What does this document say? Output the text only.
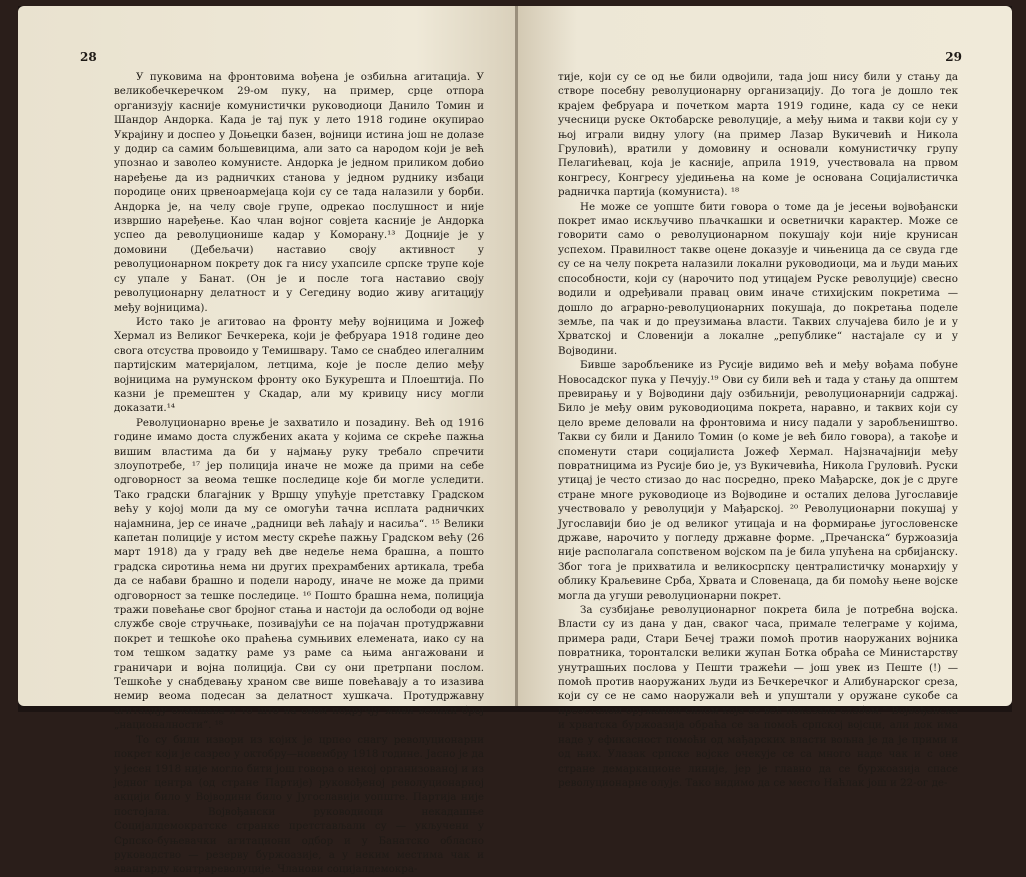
28

У пуковима на фронтовима вођена је озбиљна агитација. У великобечкеречком 29-ом пуку, на пример, срце отпора организују касније комунистички руководиоци Данило Томин и Шандор Андорка. Када је тај пук у лето 1918 године окупирао Украјину и доспео у Доњецки базен, војници истина још не долазе у додир са самим бољшевицима, али зато са народом који је већ упознао и заволео комунисте. Андорка је једном приликом добио наређење да из радничких станова у једном руднику избаци породице оних црвеноармејаца који су се тада налазили у борби. Андорка је, на челу своје групе, одрекао послушност и није извршио наређење. Као члан војног совјета касније је Андорка успео да револуционише кадар у Коморану.¹³ Доцније је у домовини (Дебељачи) наставио своју активност у револуционарном покрету док га нису ухапсиле српске трупе које су упале у Банат. (Он је и после тога наставио своју револуционарну делатност и у Сегедину водио живу агитацију међу војницима).

Исто тако је агитовао на фронту међу војницима и Јожеф Хермал из Великог Бечкерека, који је фебруара 1918 године део свога отсуства провоидо у Темишвару. Тамо се снабдео илегалним партијским материјалом, летцима, које је после делио међу војницима на румунском фронту око Букурешта и Плоештија. По казни је премештен у Скадар, али му кривицу нису могли доказати.¹⁴

Револуционарно врење је захватило и позадину. Већ од 1916 године имамо доста службених аката у којима се скреће пажња вишим властима да би у најмању руку требало спречити злоупотребе, ¹⁷ јер полиција иначе не може да прими на себе одговорност за веома тешке последице које би могле уследити. Тако градски благајник у Вршцу упућује претставку Градском већу у којој моли да му се омогући тачна исплата радничких најамнина, јер се иначе „радници већ лаћају и насиља“. ¹⁵ Велики капетан полиције у истом месту скреће пажњу Градском већу (26 март 1918) да у граду већ две недеље нема брашна, а пошто градска сиротиња нема ни других прехрамбених артикала, треба да се набави брашно и подели народу, иначе не може да прими одговорност за тешке последице. ¹⁶ Пошто брашна нема, полиција тражи повећање свог бројног стања и настоји да ослободи од војне службе своје стручњаке, позивајући се на појачан протудржавни покрет и тешкоће око праћења сумњивих елемената, иако су на том тешком задатку раме уз раме са њима ангажовани и граничари и војна полиција. Сви су они претрпани послом. Тешкоће у снабдевању храном све више повећавају а то изазива немир веома подесан за делатност хушкача. Протудржавну агитацију олакшава и то што на овом подручју живи велики број „националности“. ¹⁸

То су били извори из којих је црпео снагу револуционарни покрет који је сазрео у октобру—новембру 1918 године. Јасно је да у јесен 1918 није могло бити још говора о некој организованој и из једног центра (од стране Партије) руковођеној револуционарној акцији било у Војводини било у Југославији уопште. Партија није постојала. Војвођански руководиоци некадашње Социјалдемократске странке претстављали су — укључени у Српско-буњевачки агитациони одбор и у Банатско обласно руководство — резерву буржоазије, а у неким местима чак и авангарду контрареволуције. Чланови социјалдемокра-

29

тије, који су се од ње били одвојили, тада још нису били у стању да створе посебну револуционарну организацију. До тога је дошло тек крајем фебруара и почетком марта 1919 године, када су се неки учесници руске Октобарске револуције, а међу њима и такви који су у њој играли видну улогу (на пример Лазар Вукичевић и Никола Груловић), вратили у домовину и основали комунистичку групу Пелагићевац, која је касније, априла 1919, учествовала на првом конгресу, Конгресу уједињења на коме је основана Социјалистичка радничка партија (комуниста). ¹⁸

Не може се уопште бити говора о томе да је јесењи војвођански покрет имао искључиво пљачкашки и осветнички карактер. Може се говорити само о револуционарном покушају који није крунисан успехом. Правилност такве оцене доказује и чињеница да се свуда где су се на челу покрета налазили локални руководиоци, ма и људи мањих способности, који су (нарочито под утицајем Руске револуције) свесно водили и одређивали правац овим иначе стихијским покретима — дошло до аграрно-револуционарних покушаја, до покретања поделе земље, па чак и до преузимања власти. Таквих случајева било је и у Хрватској и Словенији а локалне „републике“ настајале су и у Војводини.

Бивше заробљенике из Русије видимо већ и међу вођама побуне Новосадског пука у Печују.¹⁹ Ови су били већ и тада у стању да општем превирању и у Војводини дају озбиљнији, револуционарнији садржај. Било је међу овим руководиоцима покрета, наравно, и таквих који су цело време деловали на фронтовима и нису падали у заробљеништво. Такви су били и Данило Томин (о коме је већ било говора), а такође и споменути стари социјалиста Јожеф Хермал. Најзначајнији међу повратницима из Русије био је, уз Вукичевића, Никола Груловић. Руски утицај је често стизао до нас посредно, преко Мађарске, док је с друге стране многе руководиоце из Војводине и осталих делова Југославије учествовало у револуцији у Мађарској. ²⁰ Револуционарни покушај у Југославији био је од великог утицаја и на формирање југословенске државе, нарочито у погледу државне форме. „Пречанска“ буржоазија није располагала сопственом војском па је била упућена на србијанску. Због тога је прихватила и великосрпску централистичку монархију у облику Краљевине Срба, Хрвата и Словенаца, да би помоћу њене војске могла да угуши револуционарни покрет.

За сузбијање револуционарног покрета била је потребна војска. Власти су из дана у дан, сваког часа, примале телеграме у којима, примера ради, Стари Бечеј тражи помоћ против наоружаних војника повратника, торонталски велики жупан Ботка обраћа се Министарству унутрашњих послова у Пешти тражећи — још увек из Пеште (!) — помоћ против наоружаних људи из Бечкеречког и Алибунарског среза, који су се не само наоружали већ и упуштали у оружане сукобе са преосталом оружаном силом која се већ показала слабом.“ Војвођанска и хрватска буржоазија обраћа се за помоћ српској војсци, али док има наде у ефикасност помоћи од мађарских власти вољна је да је прими и од њих. Улазак српске војске очекује се са много наде чак и с оне стране демаркационе линије, јер је главно да се буржоазија спасе револуционарне олује. Тако видимо да се место Наћлак још и 22-ог де-
